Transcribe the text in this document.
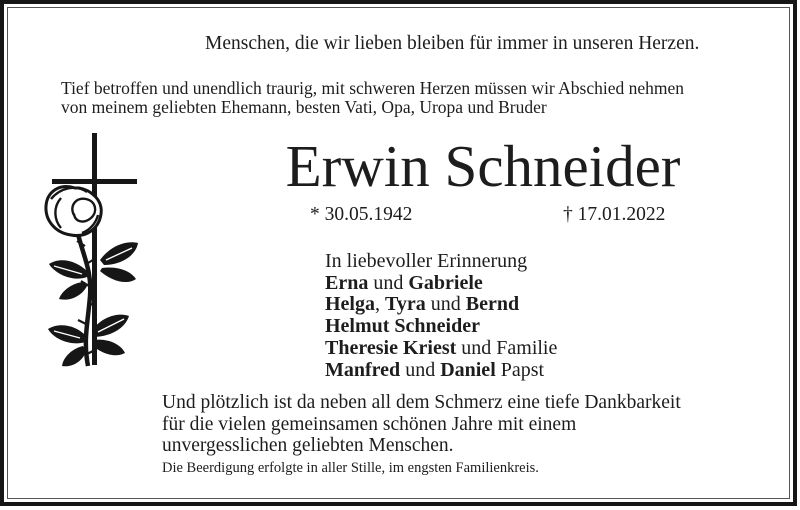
Menschen, die wir lieben bleiben für immer in unseren Herzen.
Tief betroffen und unendlich traurig, mit schweren Herzen müssen wir Abschied nehmen
von meinem geliebten Ehemann, besten Vati, Opa, Uropa und Bruder
Erwin Schneider
* 30.05.1942	† 17.01.2022
In liebevoller Erinnerung
Erna und Gabriele
Helga, Tyra und Bernd
Helmut Schneider
Theresie Kriest und Familie
Manfred und Daniel Papst
Und plötzlich ist da neben all dem Schmerz eine tiefe Dankbarkeit
für die vielen gemeinsamen schönen Jahre mit einem
unvergesslichen geliebten Menschen.
Die Beerdigung erfolgte in aller Stille, im engsten Familienkreis.
